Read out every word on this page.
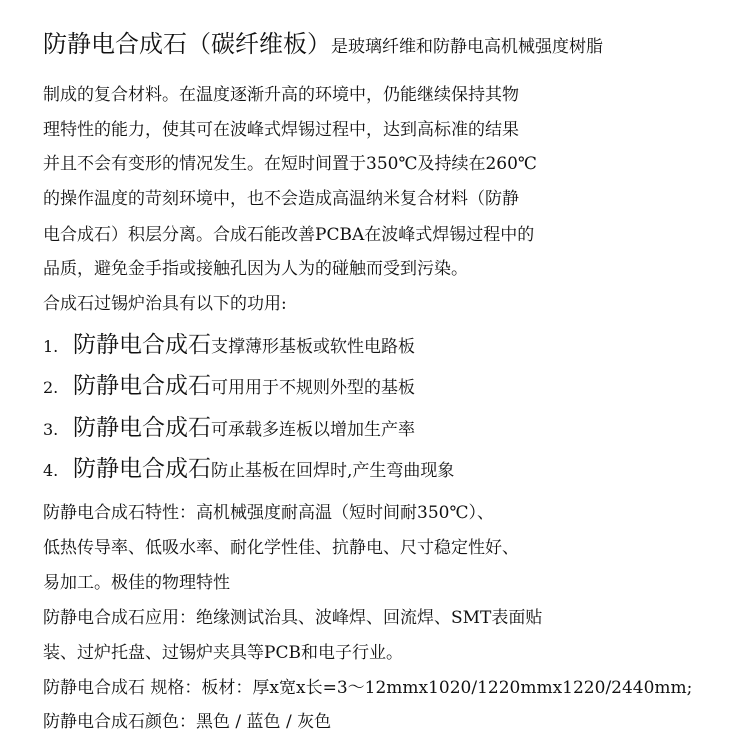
防静电合成石（碳纤维板）是玻璃纤维和防静电高机械强度树脂
制成的复合材料。在温度逐渐升高的环境中，仍能继续保持其物
理特性的能力，使其可在波峰式焊锡过程中，达到高标准的结果
并且不会有变形的情况发生。在短时间置于350℃及持续在260℃
的操作温度的苛刻环境中，也不会造成高温纳米复合材料（防静
电合成石）积层分离。合成石能改善PCBA在波峰式焊锡过程中的
品质，避免金手指或接触孔因为人为的碰触而受到污染。
合成石过锡炉治具有以下的功用:
1. 防静电合成石支撑薄形基板或软性电路板
2. 防静电合成石可用用于不规则外型的基板
3. 防静电合成石可承载多连板以增加生产率
4. 防静电合成石防止基板在回焊时,产生弯曲现象
防静电合成石特性：高机械强度耐高温（短时间耐350℃）、
低热传导率、低吸水率、耐化学性佳、抗静电、尺寸稳定性好、
易加工。极佳的物理特性
防静电合成石应用：绝缘测试治具、波峰焊、回流焊、SMT表面贴
装、过炉托盘、过锡炉夹具等PCB和电子行业。
防静电合成石 规格：板材：厚x宽x长=3～12mmx1020/1220mmx1220/2440mm;
防静电合成石颜色：黑色 / 蓝色 / 灰色
